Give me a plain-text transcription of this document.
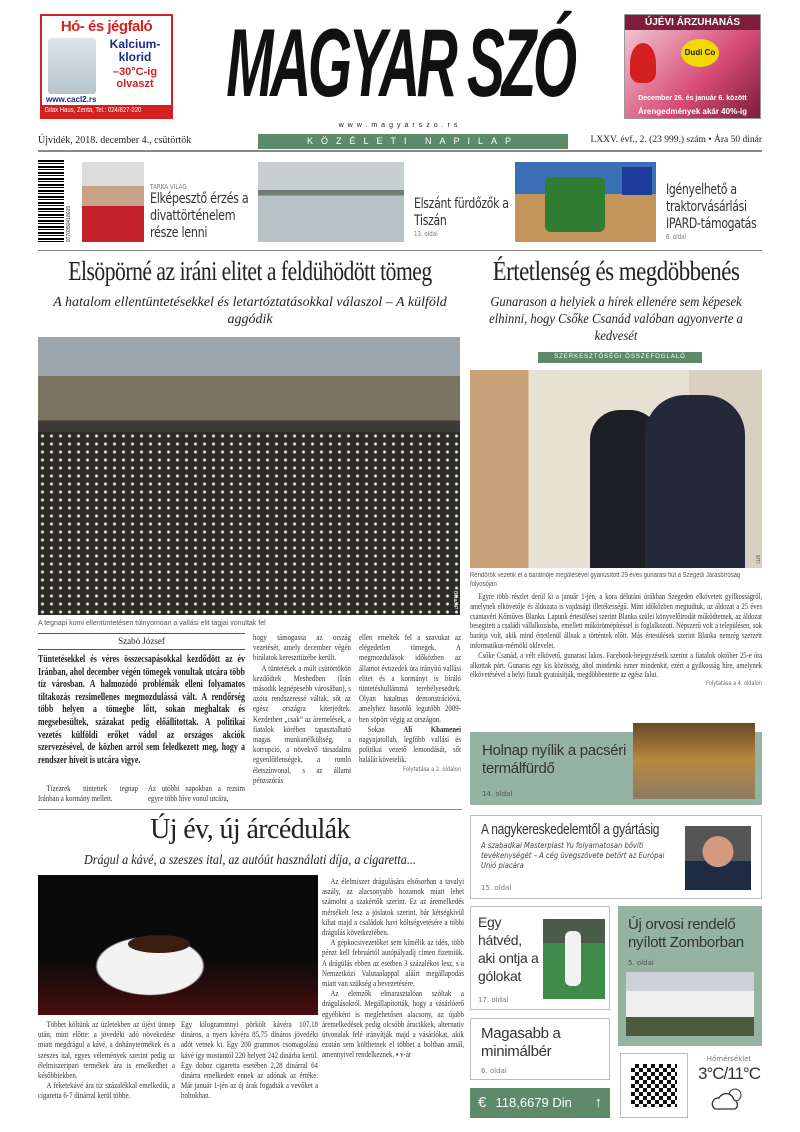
Hó- és jégfaló
Kalcium-klorid
–30°C-ig olvaszt
www.cacl2.rs
Gilax Haus, Zenta, Tel.: 024/827-220
ÚJÉVI ÁRZUHANÁS
Dudi Co
December 26. és január 6. között
Árengedmények akár 40%-ig
MAGYAR SZÓ
www.magyarszo.rs
KÖZÉLETI NAPILAP
Újvidék, 2018. december 4., csütörtök	LXXV. évf., 2. (23 999.) szám • Ára 50 dinár
9770350418015
TARKA VILÁG
Elképesztő érzés a divattörténelem része lenni
Elszánt fürdőzők a Tiszán
13. oldal
Igényelhető a traktorvásárlási IPARD-támogatás
6. oldal
Elsöpörné az iráni elitet a feldühödött tömeg
A hatalom ellentüntetésekkel és letartóztatásokkal válaszol – A külföld aggódik
Beta/AP
A tegnapi komi ellentüntetésen túlnyomóan a vallási elit tagjai vonultak fel
Szabó József
Tüntetésekkel és véres összecsapásokkal kezdődött az év Iránban, ahol december végén tömegek vonultak utcára több tíz városban. A halmozódó problémák elleni folyamatos tiltakozás rezsimellenes megmozdulássá vált. A rendőrség több helyen a tömegbe lőtt, sokan meghaltak és megsebesültek, százakat pedig előállítottak. A politikai vezetés külföldi erőket vádol az országos akciók szervezésével, de közben arról sem feledkezett meg, hogy a rendszer híveit is utcára vigye.

Tízezrek tüntettek tegnap Iránban a kormány mellett.

Az utóbbi napokban a rezsim egyre több híve vonul utcára,

hogy támogassa az ország vezetését, amely december végén bírálatok kereszttüzébe került.

A tüntetések a múlt csütörtökön kezdődtek Meshedben (Irán második legnépesebb városában), s azóta rendszeressé váltak, sőt az egész országra kiterjedtek. Kezdetben „csak” az áremelések, a fiatalok körében tapasztalható magas munkanélküliség, a korrupció, a növekvő társadalmi egyenlőtlenségek, a romló életszínvonal, s az állami pénzszórás

ellen emelték fel a szavukat az elégedetlen tömegek. A megmozdulások időközben az államot évtizedek óta irányító vallási elitet és a kormányt is bíráló tüntetéshullámmá terebélyesedtek. Olyan hatalmas demonstrációvá, amelyhez hasonló legutóbb 2009-ben söpört végig az országon.

Sokan Ali Khamenei nagyajatollah, legfőbb vallási és politikai vezető lemondását, sőt halálát követelik.

Folytatása a 2. oldalon
Értetlenség és megdöbbenés
Gunarason a helyiek a hírek ellenére sem képesek elhinni, hogy Csőke Csanád valóban agyonverte a kedvesét
SZERKESZTŐSÉGI ÖSSZEFOGLALÓ
MTI
Rendőrök vezetik el a barátnője megölésével gyanúsított 29 éves gunarasi fiút a Szegedi Járásbíróság folyosóján

Egyre több részlet derül ki a január 1-jén, a kora délutáni órákban Szegeden elkövetett gyilkosságról, amelynek elkövetője és áldozata is vajdasági illetékességű. Mint időközben megtudtuk, az áldozat a 25 éves csantavéri Kőműves Blanka. Lapunk értesülései szerint Blanka szülei könyvelőirodát működtetnek, az áldozat besegített a családi vállalkozásba, emellett műkörömépítéssel is foglalkozott. Népszerű volt a településen, sok barátja volt, akik mind értetlenül állnak a történtek előtt. Más értesülések szerint Blanka nemrég szerzett informatikus-mérnöki oklevelet.

Csőke Csanád, a vélt elkövető, gunarasi lakos. Facebook-bejegyzéseik szerint a fiatalok október 25-e óta alkottak párt. Gunaras egy kis közösség, ahol mindenki ismer mindenkit, ezért a gyilkosság híre, amelynek elkövetésével a helyi fiatalt gyanúsítják, megdöbbentette az egész falut.

Folytatása a 4. oldalon
Holnap nyílik a pacséri termálfürdő
14. oldal
A nagykereskedelemtől a gyártásig
A szabadkai Masterplast Yu folyamatosan bővíti tevékenységét – A cég üvegszövete betört az Európai Unió piacára
15. oldal
Egy hátvéd, aki ontja a gólokat
17. oldal
Új orvosi rendelő nyílott Zomborban
5. oldal
Magasabb a minimálbér
6. oldal
€ 118,6679 Din ↑
Hőmérséklet
3°C/11°C
Új év, új árcédulák
Drágul a kávé, a szeszes ital, az autóút használati díja, a cigaretta...

Többet költünk az üzletekben az újévi ünnep után, mint előtte: a jövedéki adó növekedése miatt megdrágul a kávé, a dohánytermékek és a szeszes ital, egyes vélemények szerint pedig az élelmiszeripari termékek ára is emelkedhet a későbbiekben.

A feketekávé ára tíz százalékkal emelkedik, a cigaretta 6-7 dinárral kerül többe.

Egy kilogrammnyi pörkölt kávéra 107,18 dináros, a nyers kávéra 85,75 dináros jövedéki adót vetnek ki. Egy 200 grammos csomagolású kávé így mostantól 220 helyett 242 dinárba kerül. Egy doboz cigaretta esetében 2,28 dinárral 64 dinárra emelkedett ennek az adónak az értéke. Már január 1-jén az új árak fogadták a vevőket a boltokban.

Az élelmiszer drágulására elsősorban a tavalyi aszály, az alacsonyabb hozamok miatt lehet számolni a szakértők szerint. Ez az áremelkedés mérsékelt lesz a jóslatok szerint, bár kétségkívül kihat majd a családok havi költségvetésére a többi drágulás következtében.

A gépkocsivezetőket sem kímélik az idén, több pénzt kell februártól autópályadíj címen fizetniük. A drágulás ebben az esetben 3 százalékos lesz, s a Nemzetközi Valutaalappal aláírt megállapodás miatt van szükség a bevezetésére.

Az elemzők elmarasztalóan szóltak a drágulásokról. Megállapították, hogy a vásárlóerő egyébként is meglehetősen alacsony, az újabb áremelkedések pedig olcsóbb árucikkek, alternatív útvonalak felé irányítják majd a vásárlókat, akik ezután sem költhetnek el többet a boltban annál, amennyivel rendelkeznek. ▪ v-ár
